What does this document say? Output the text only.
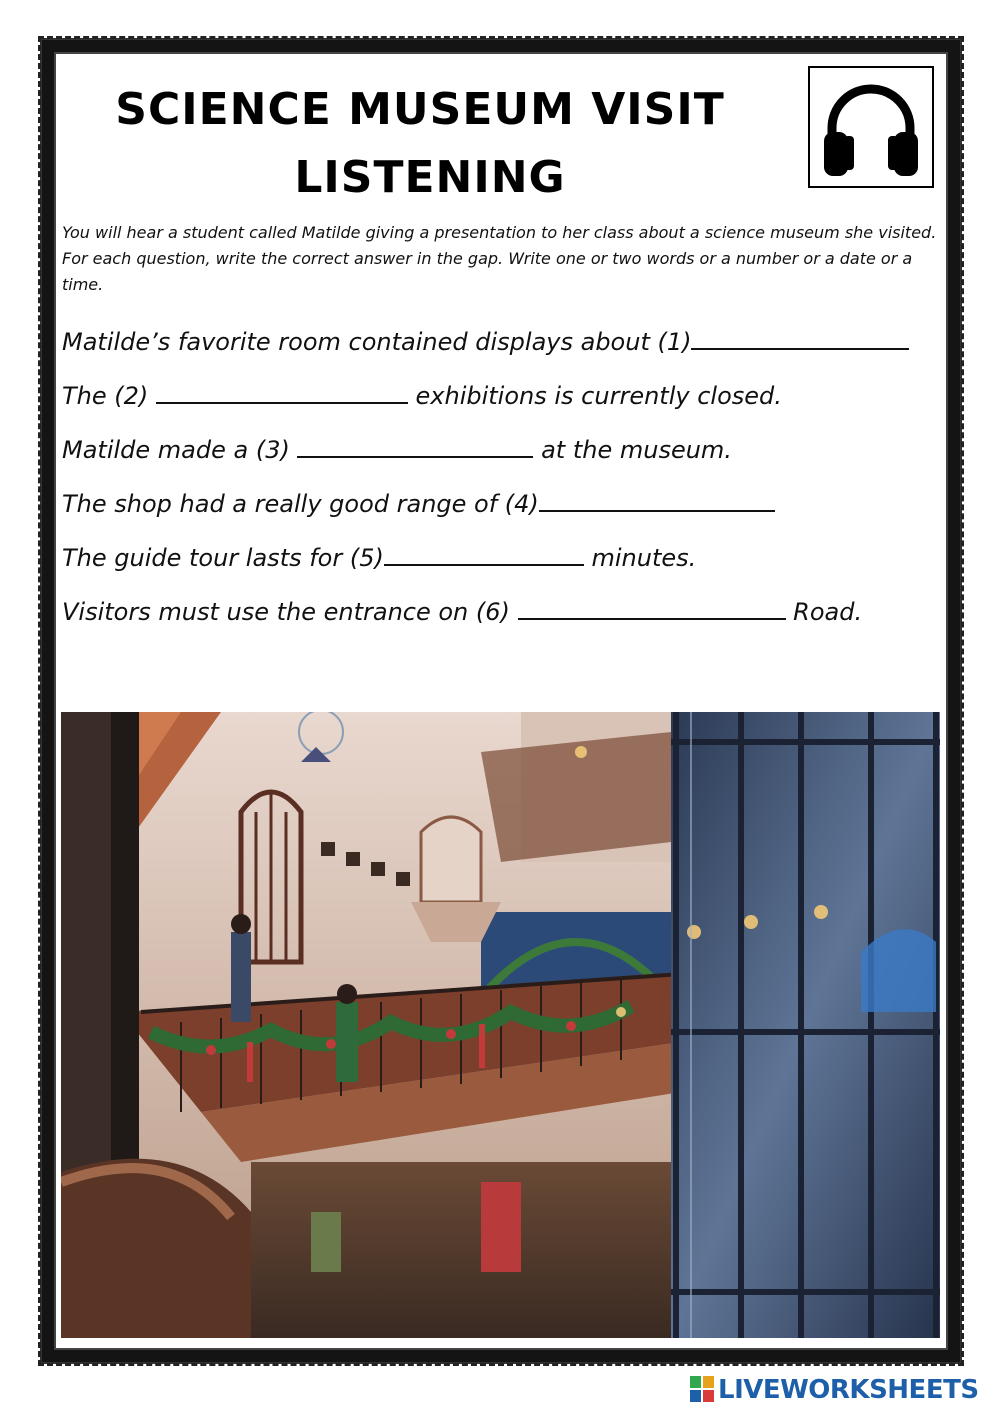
SCIENCE MUSEUM VISIT
LISTENING
You will hear a student called Matilde giving a presentation to her class about a science museum she visited. For each question, write the correct answer in the gap. Write one or two words or a number or a date or a time.
Matilde’s favorite room contained displays about (1)
The (2)	exhibitions is currently closed.
Matilde made a (3)	at the museum.
The shop had a really good range of (4)
The guide tour lasts for (5)	minutes.
Visitors must use the entrance on (6)	Road.
LIVEWORKSHEETS
